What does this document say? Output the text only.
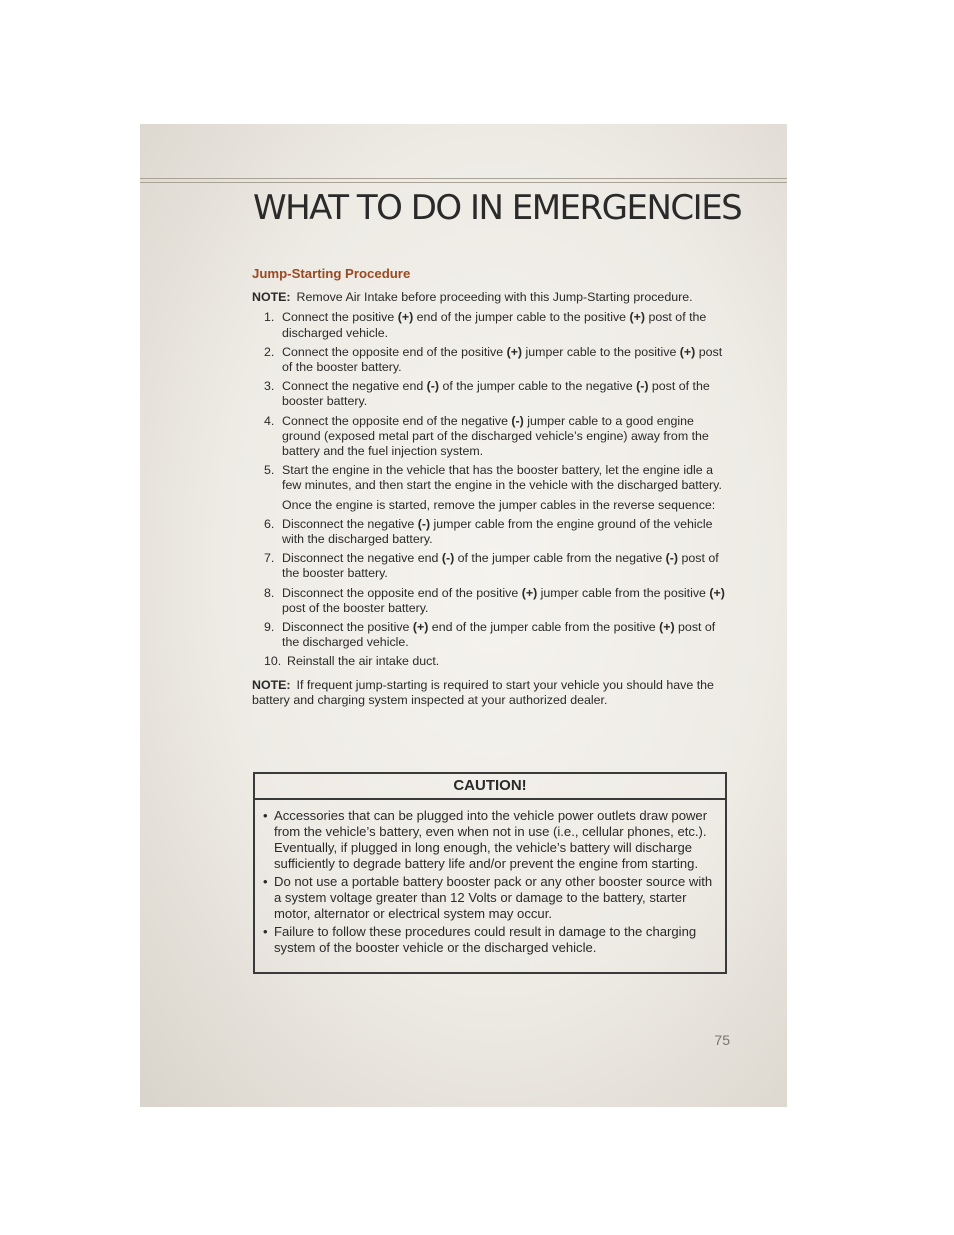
WHAT TO DO IN EMERGENCIES
Jump-Starting Procedure

NOTE: Remove Air Intake before proceeding with this Jump-Starting procedure.

1. Connect the positive (+) end of the jumper cable to the positive (+) post of the discharged vehicle.
2. Connect the opposite end of the positive (+) jumper cable to the positive (+) post of the booster battery.
3. Connect the negative end (-) of the jumper cable to the negative (-) post of the booster battery.
4. Connect the opposite end of the negative (-) jumper cable to a good engine ground (exposed metal part of the discharged vehicle’s engine) away from the battery and the fuel injection system.
5. Start the engine in the vehicle that has the booster battery, let the engine idle a few minutes, and then start the engine in the vehicle with the discharged battery.
Once the engine is started, remove the jumper cables in the reverse sequence:
6. Disconnect the negative (-) jumper cable from the engine ground of the vehicle with the discharged battery.
7. Disconnect the negative end (-) of the jumper cable from the negative (-) post of the booster battery.
8. Disconnect the opposite end of the positive (+) jumper cable from the positive (+) post of the booster battery.
9. Disconnect the positive (+) end of the jumper cable from the positive (+) post of the discharged vehicle.
10. Reinstall the air intake duct.

NOTE: If frequent jump-starting is required to start your vehicle you should have the battery and charging system inspected at your authorized dealer.

CAUTION!
• Accessories that can be plugged into the vehicle power outlets draw power from the vehicle’s battery, even when not in use (i.e., cellular phones, etc.). Eventually, if plugged in long enough, the vehicle’s battery will discharge sufficiently to degrade battery life and/or prevent the engine from starting.
• Do not use a portable battery booster pack or any other booster source with a system voltage greater than 12 Volts or damage to the battery, starter motor, alternator or electrical system may occur.
• Failure to follow these procedures could result in damage to the charging system of the booster vehicle or the discharged vehicle.
75
